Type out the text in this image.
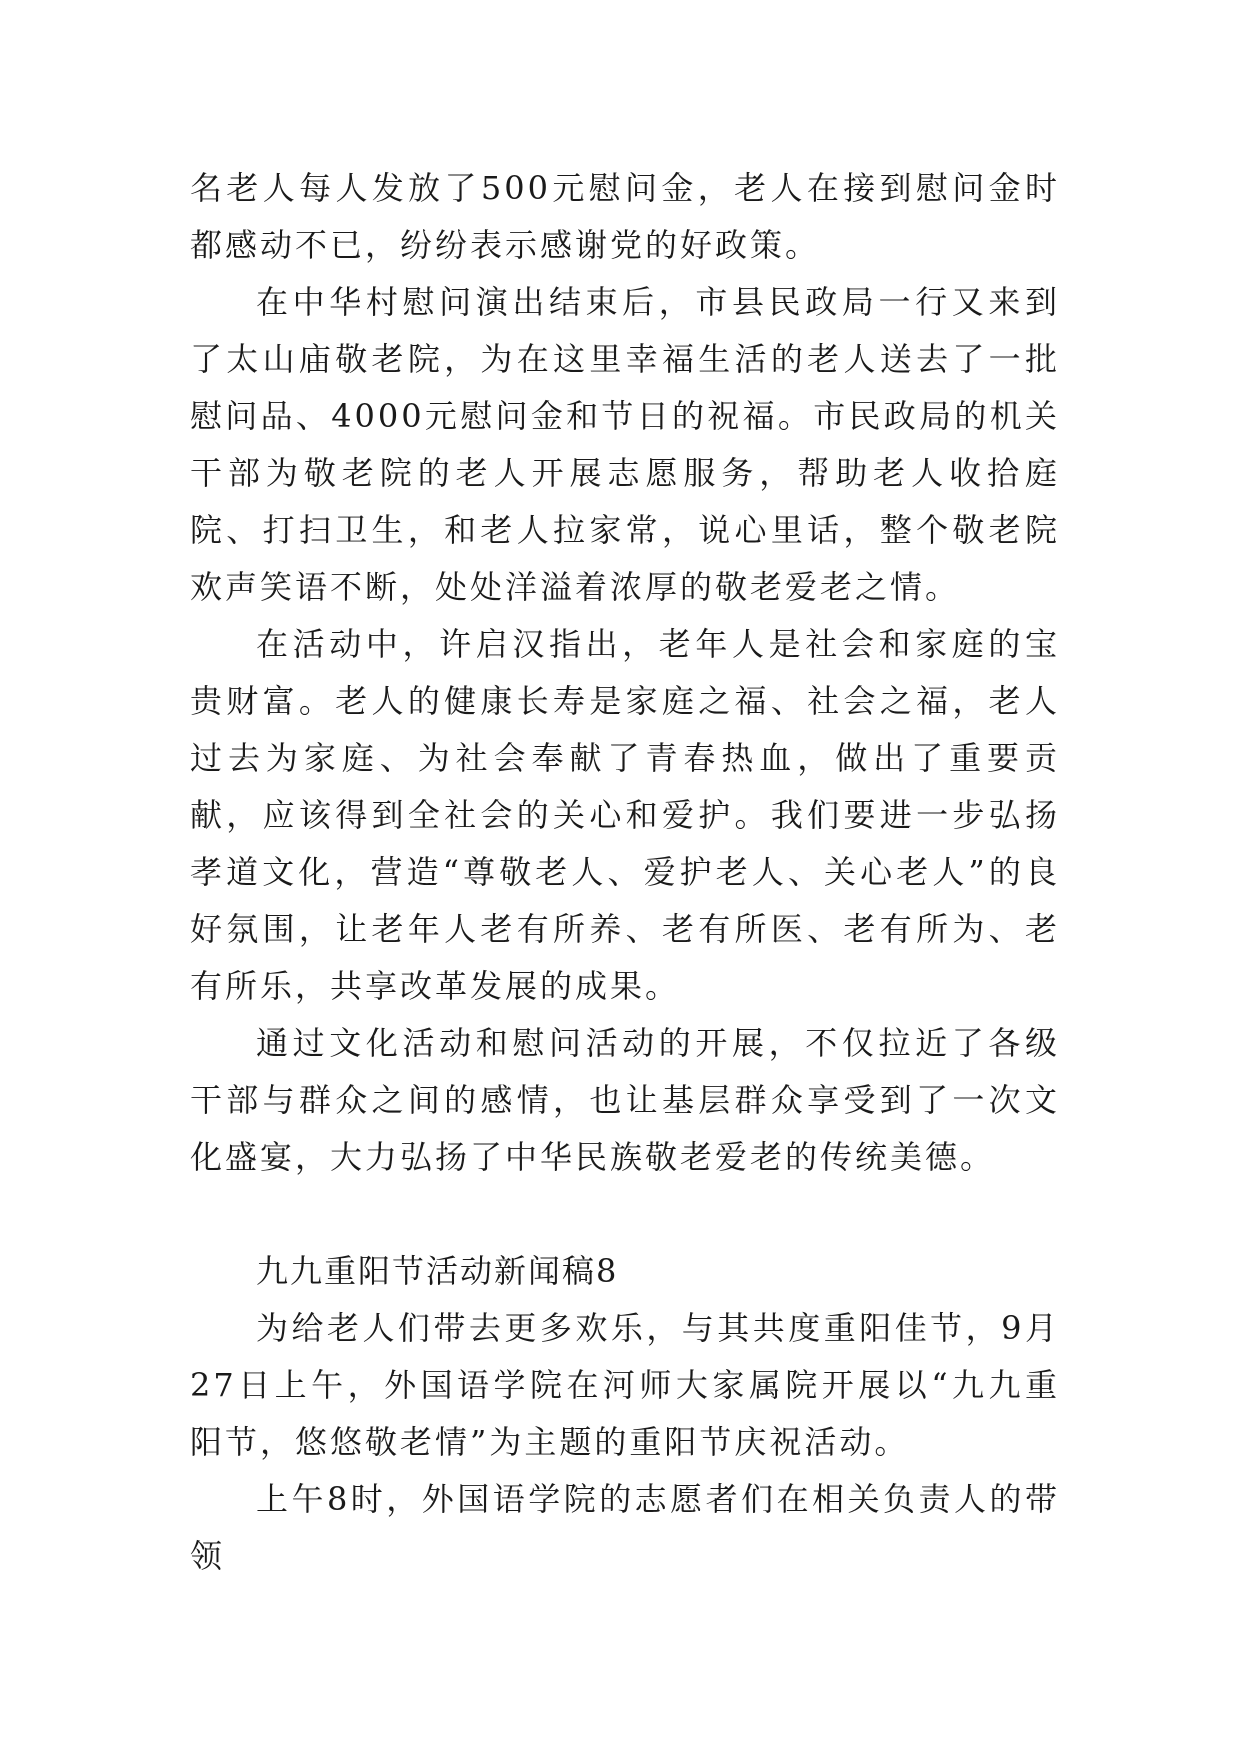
名老人每人发放了500元慰问金，老人在接到慰问金时都感动不已，纷纷表示感谢党的好政策。

在中华村慰问演出结束后，市县民政局一行又来到了太山庙敬老院，为在这里幸福生活的老人送去了一批慰问品、4000元慰问金和节日的祝福。市民政局的机关干部为敬老院的老人开展志愿服务，帮助老人收拾庭院、打扫卫生，和老人拉家常，说心里话，整个敬老院欢声笑语不断，处处洋溢着浓厚的敬老爱老之情。

在活动中，许启汉指出，老年人是社会和家庭的宝贵财富。老人的健康长寿是家庭之福、社会之福，老人过去为家庭、为社会奉献了青春热血，做出了重要贡献，应该得到全社会的关心和爱护。我们要进一步弘扬孝道文化，营造“尊敬老人、爱护老人、关心老人”的良好氛围，让老年人老有所养、老有所医、老有所为、老有所乐，共享改革发展的成果。

通过文化活动和慰问活动的开展，不仅拉近了各级干部与群众之间的感情，也让基层群众享受到了一次文化盛宴，大力弘扬了中华民族敬老爱老的传统美德。

九九重阳节活动新闻稿8

为给老人们带去更多欢乐，与其共度重阳佳节，9月27日上午，外国语学院在河师大家属院开展以“九九重阳节，悠悠敬老情”为主题的重阳节庆祝活动。

上午8时，外国语学院的志愿者们在相关负责人的带领
